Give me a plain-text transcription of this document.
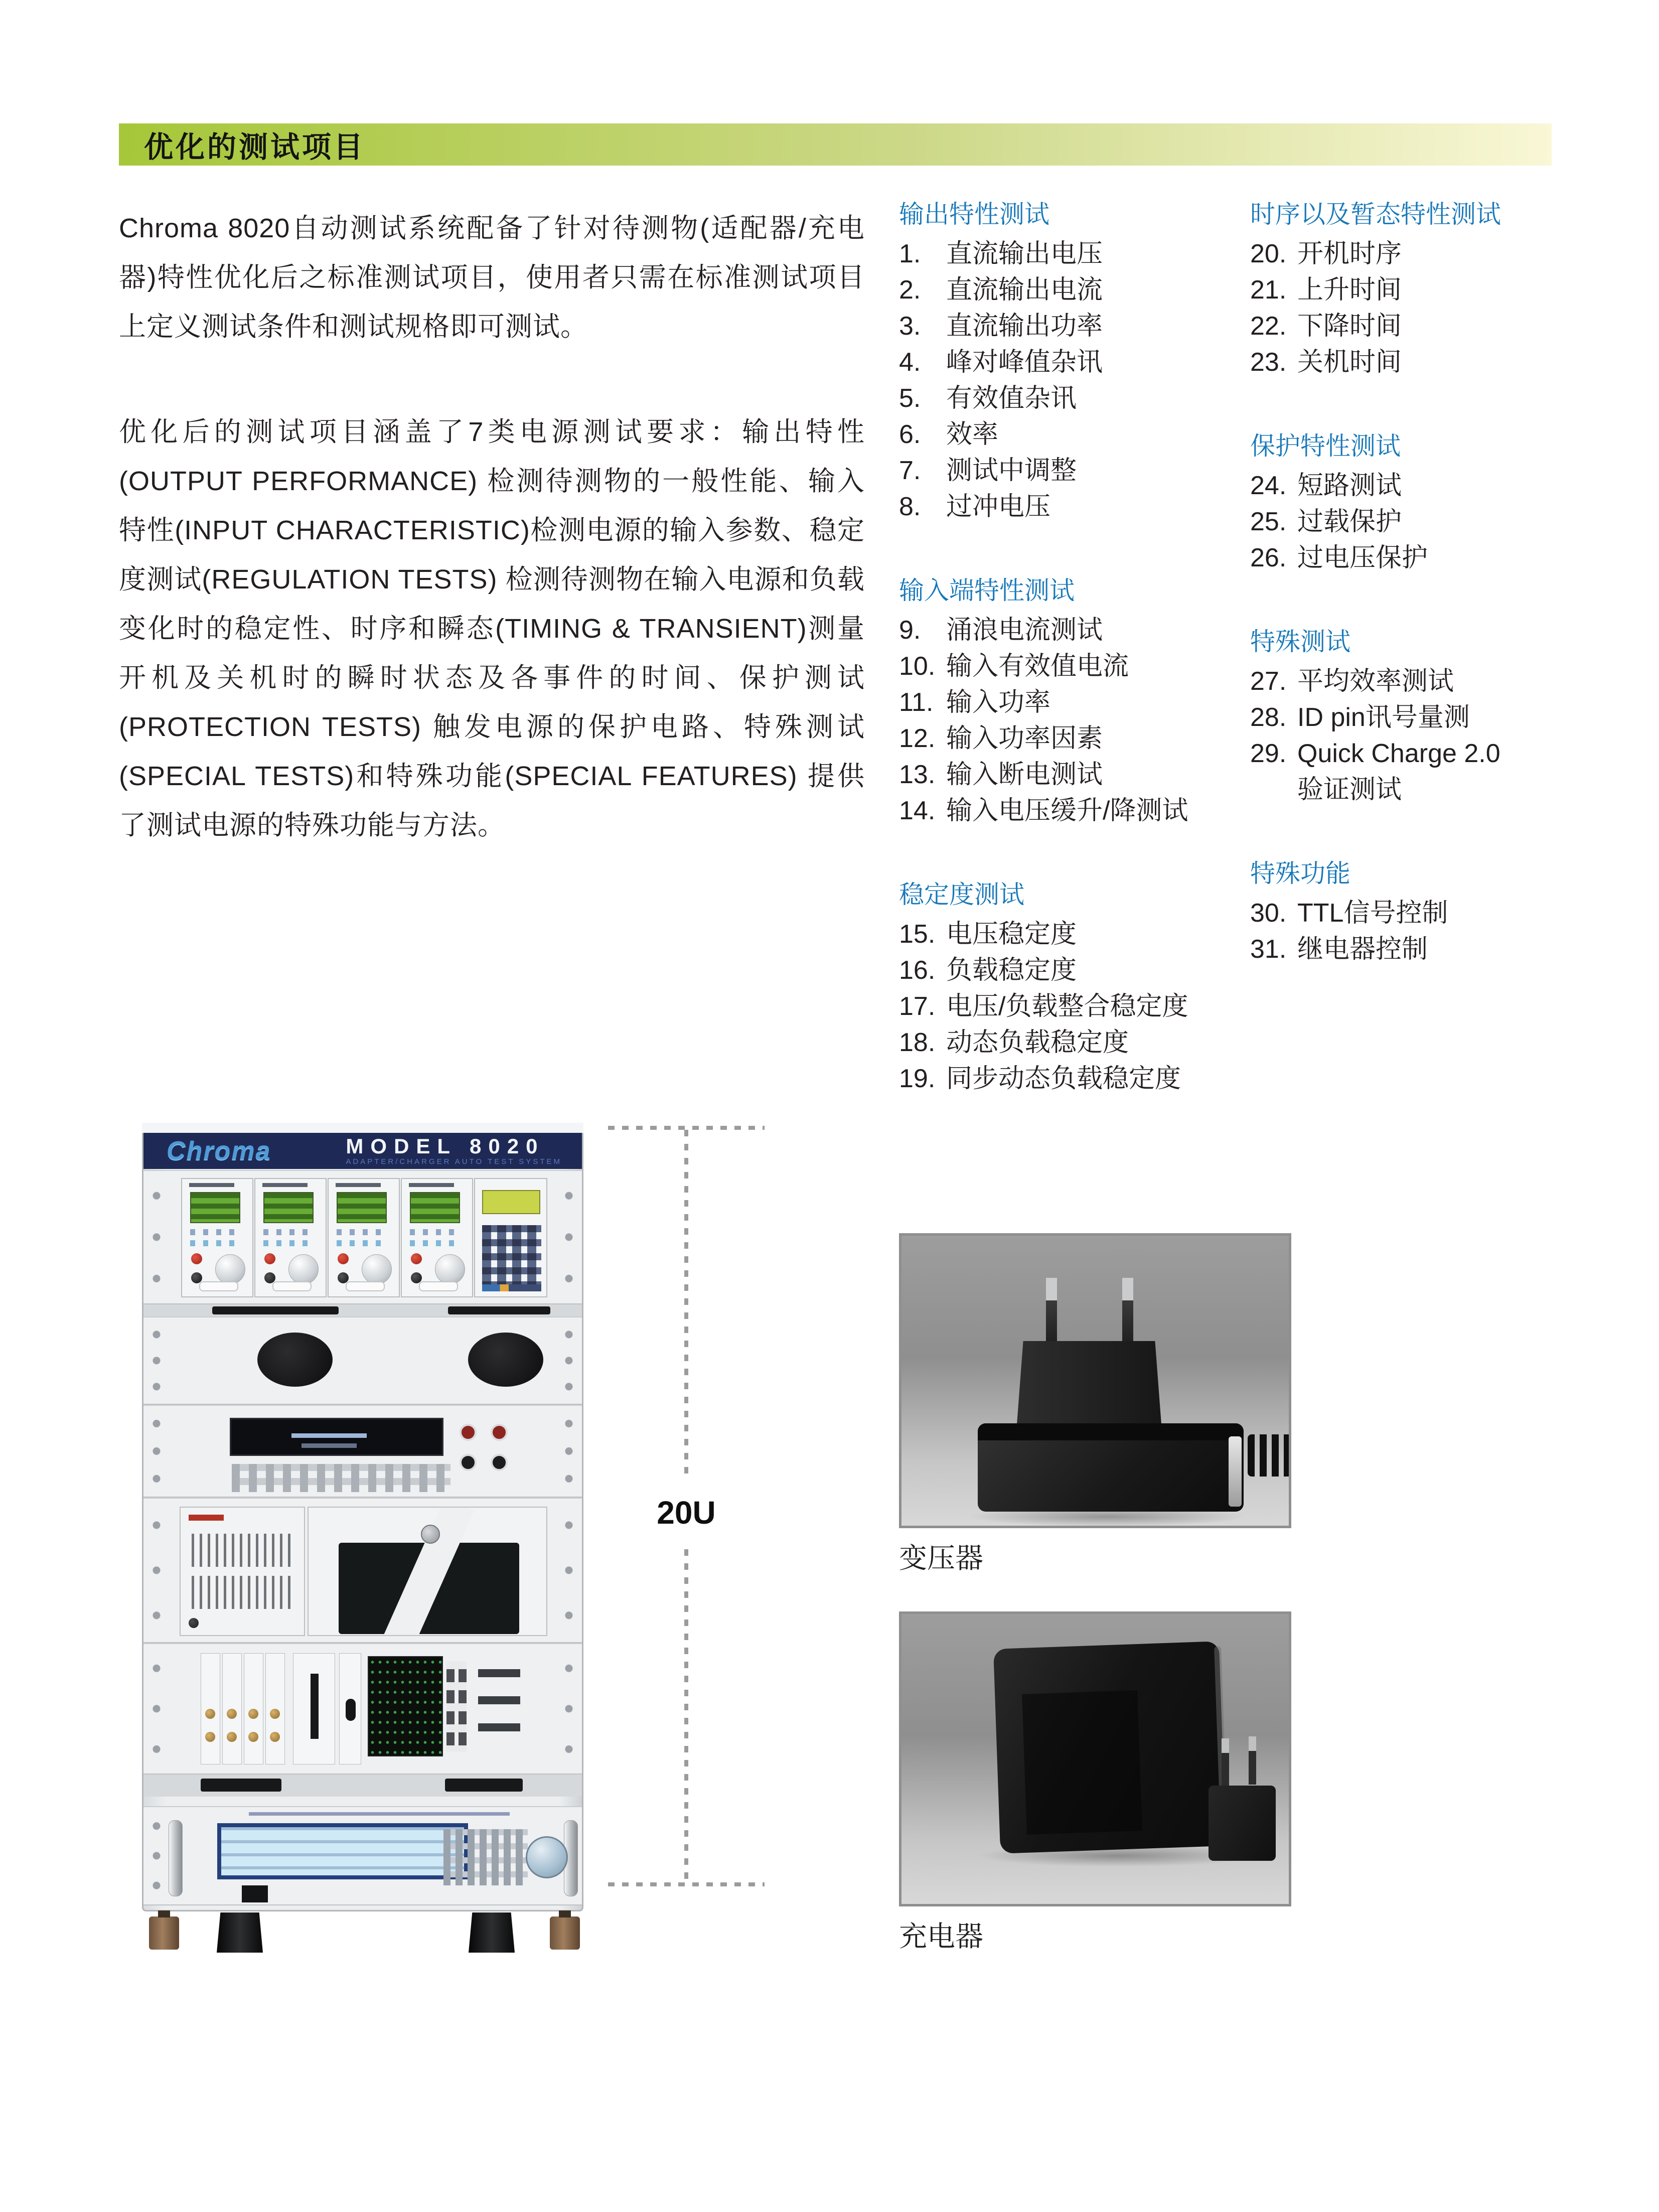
优化的测试项目

Chroma 8020自动测试系统配备了针对待测物(适配器/充电器)特性优化后之标准测试项目，使用者只需在标准测试项目上定义测试条件和测试规格即可测试。

优化后的测试项目涵盖了7类电源测试要求：输出特性(OUTPUT PERFORMANCE) 检测待测物的一般性能、输入特性(INPUT CHARACTERISTIC)检测电源的输入参数、稳定度测试(REGULATION TESTS) 检测待测物在输入电源和负载变化时的稳定性、时序和瞬态(TIMING & TRANSIENT)测量开机及关机时的瞬时状态及各事件的时间、保护测试(PROTECTION TESTS) 触发电源的保护电路、特殊测试(SPECIAL TESTS)和特殊功能(SPECIAL FEATURES) 提供了测试电源的特殊功能与方法。

输出特性测试
1. 直流输出电压
2. 直流输出电流
3. 直流输出功率
4. 峰对峰值杂讯
5. 有效值杂讯
6. 效率
7. 测试中调整
8. 过冲电压
输入端特性测试
9. 涌浪电流测试
10. 输入有效值电流
11. 输入功率
12. 输入功率因素
13. 输入断电测试
14. 输入电压缓升/降测试
稳定度测试
15. 电压稳定度
16. 负载稳定度
17. 电压/负载整合稳定度
18. 动态负载稳定度
19. 同步动态负载稳定度
时序以及暂态特性测试
20. 开机时序
21. 上升时间
22. 下降时间
23. 关机时间
保护特性测试
24. 短路测试
25. 过载保护
26. 过电压保护
特殊测试
27. 平均效率测试
28. ID pin讯号量测
29. Quick Charge 2.0
验证测试
特殊功能
30. TTL信号控制
31. 继电器控制
Chroma	MODEL 8020
ADAPTER/CHARGER AUTO TEST SYSTEM
20U
变压器
充电器
